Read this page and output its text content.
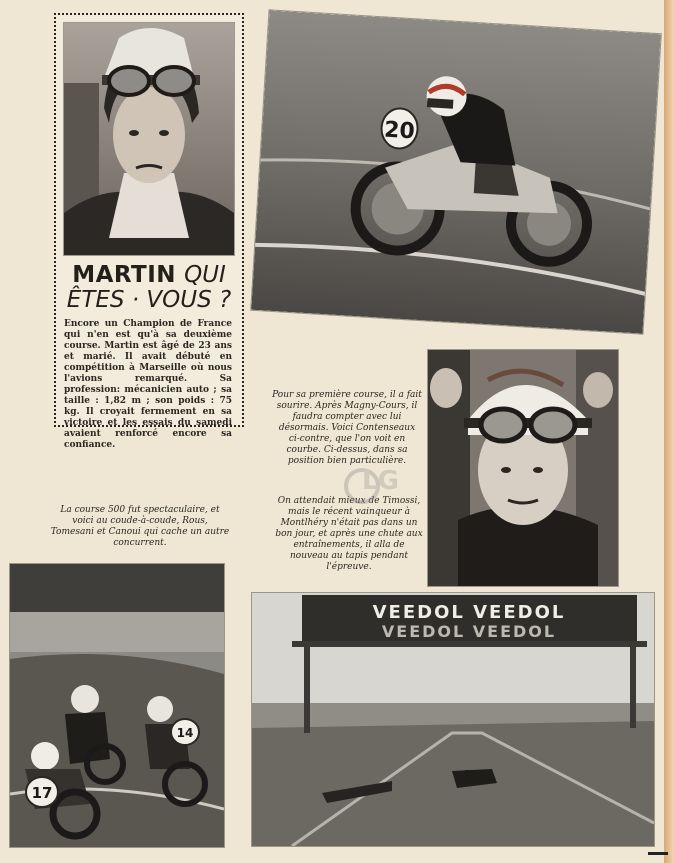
MARTIN QUI
ÊTES · VOUS ?
Encore un Champion de France qui n'en est qu'à sa deuxième course. Martin est âgé de 23 ans et marié. Il avait débuté en compétition à Marseille où nous l'avions remarqué. Sa profession: mécanicien auto ; sa taille : 1,82 m ; son poids : 75 kg. Il croyait fermement en sa victoire et les essais du samedi avaient renforcé encore sa confiance.
20
Pour sa première course, il a fait sourire. Après Magny-Cours, il faudra compter avec lui désormais. Voici Contenseaux ci-contre, que l'on voit en courbe. Ci-dessus, dans sa position bien particulière.
On attendait mieux de Timossi, mais le récent vainqueur à Montlhéry n'était pas dans un bon jour, et après une chute aux entraînements, il alla de nouveau au tapis pendant l'épreuve.
La course 500 fut spectaculaire, et voici au coude-à-coude, Rous, Tomesani et Canoui qui cache un autre concurrent.
LG
14
17
VEEDOL VEEDOL
VEEDOL VEEDOL
